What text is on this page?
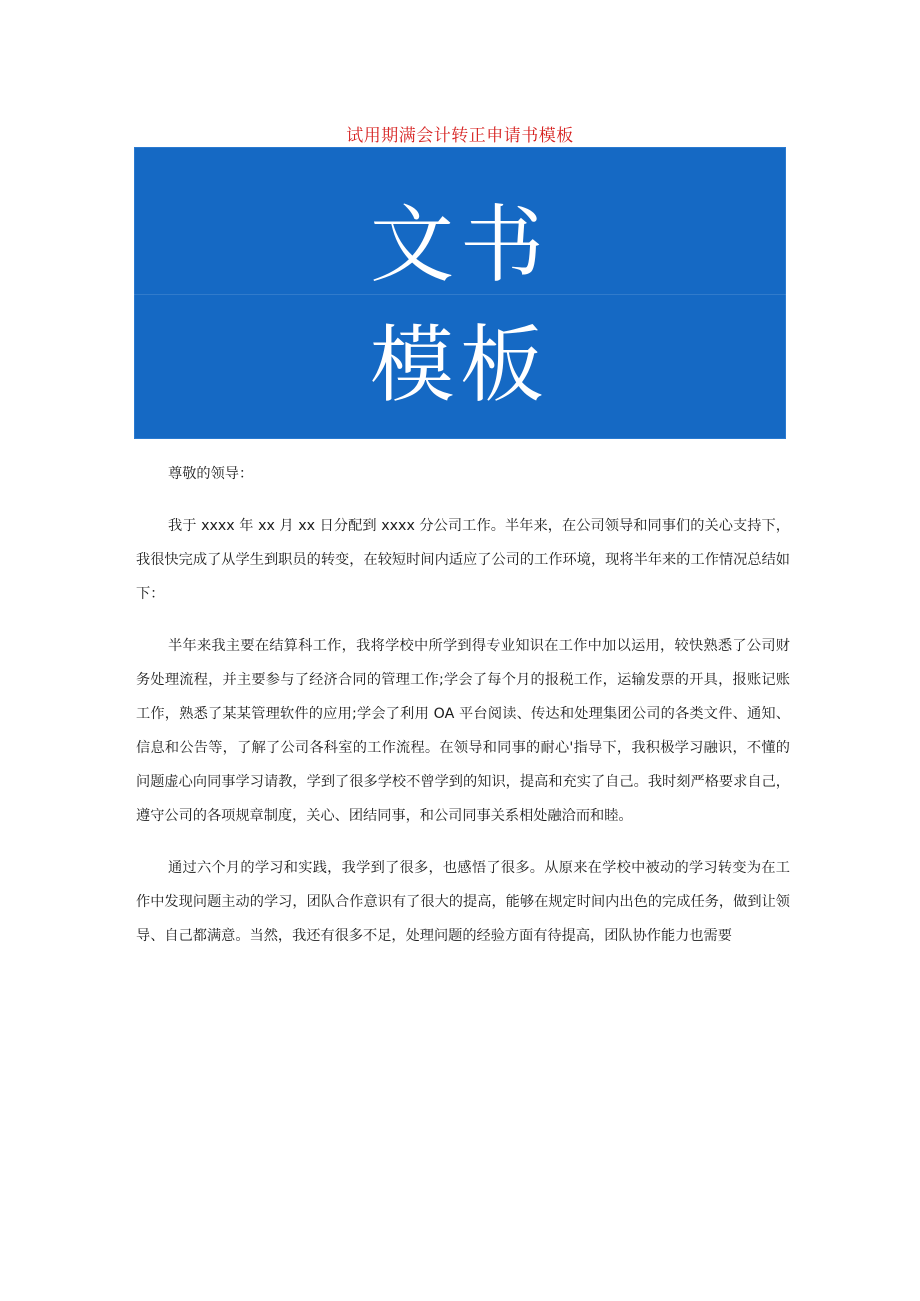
试用期满会计转正申请书模板
文书
模板

尊敬的领导：

我于 xxxx 年 xx 月 xx 日分配到 xxxx 分公司工作。半年来，在公司领导和同事们的关心支持下，我很快完成了从学生到职员的转变，在较短时间内适应了公司的工作环境，现将半年来的工作情况总结如下：

半年来我主要在结算科工作，我将学校中所学到得专业知识在工作中加以运用，较快熟悉了公司财务处理流程，并主要参与了经济合同的管理工作;学会了每个月的报税工作，运输发票的开具，报账记账工作，熟悉了某某管理软件的应用;学会了利用 OA 平台阅读、传达和处理集团公司的各类文件、通知、信息和公告等，了解了公司各科室的工作流程。在领导和同事的耐心'指导下，我积极学习融识，不懂的问题虚心向同事学习请教，学到了很多学校不曾学到的知识，提高和充实了自己。我时刻严格要求自己，遵守公司的各项规章制度，关心、团结同事，和公司同事关系相处融洽而和睦。

通过六个月的学习和实践，我学到了很多，也感悟了很多。从原来在学校中被动的学习转变为在工作中发现问题主动的学习，团队合作意识有了很大的提高，能够在规定时间内出色的完成任务，做到让领导、自己都满意。当然，我还有很多不足，处理问题的经验方面有待提高，团队协作能力也需要
